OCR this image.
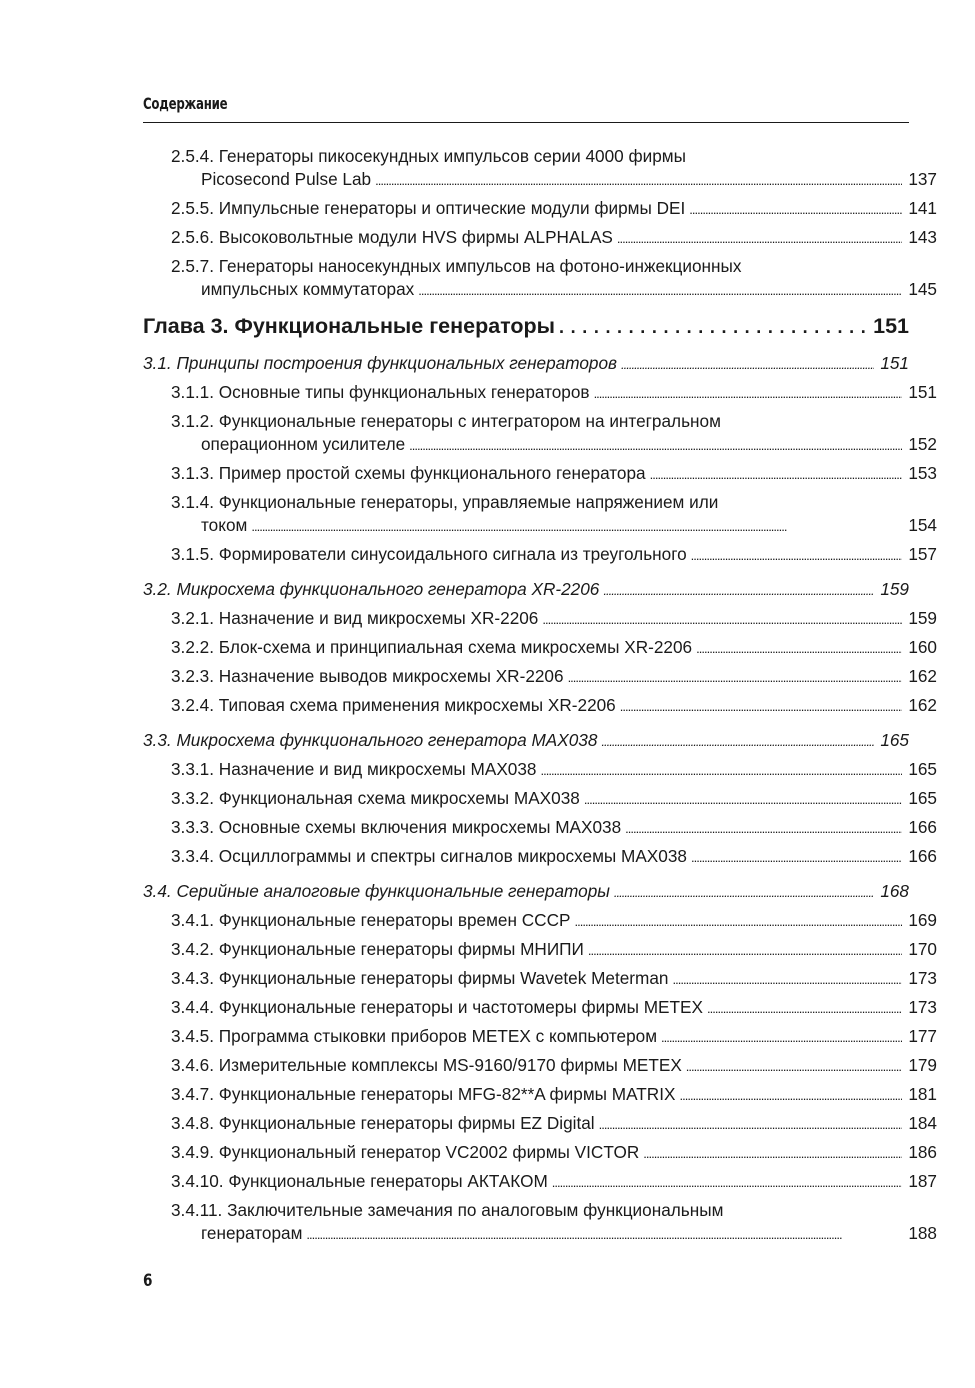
Содержание
2.5.4. Генераторы пикосекундных импульсов серии 4000 фирмы
Picosecond Pulse Lab . . .	137
2.5.5. Импульсные генераторы и оптические модули фирмы DEI . . .	141
2.5.6. Высоковольтные модули HVS фирмы ALPHALAS . . .	143
2.5.7. Генераторы наносекундных импульсов на фотоно-инжекционных
импульсных коммутаторах . . .	145
Глава 3. Функциональные генераторы . . .	151
3.1. Принципы построения функциональных генераторов . . .	151
3.1.1. Основные типы функциональных генераторов . . .	151
3.1.2. Функциональные генераторы с интегратором на интегральном
операционном усилителе . . .	152
3.1.3. Пример простой схемы функционального генератора . . .	153
3.1.4. Функциональные генераторы, управляемые напряжением или
током . . .	154
3.1.5. Формирователи синусоидального сигнала из треугольного . . .	157
3.2. Микросхема функционального генератора XR-2206 . . .	159
3.2.1. Назначение и вид микросхемы XR-2206 . . .	159
3.2.2. Блок-схема и принципиальная схема микросхемы XR-2206 . . .	160
3.2.3. Назначение выводов микросхемы XR-2206 . . .	162
3.2.4. Типовая схема применения микросхемы XR-2206 . . .	162
3.3. Микросхема функционального генератора MAX038 . . .	165
3.3.1. Назначение и вид микросхемы MAX038 . . .	165
3.3.2. Функциональная схема микросхемы MAX038 . . .	165
3.3.3. Основные схемы включения микросхемы MAX038 . . .	166
3.3.4. Осциллограммы и спектры сигналов микросхемы MAX038 . . .	166
3.4. Серийные аналоговые функциональные генераторы . . .	168
3.4.1. Функциональные генераторы времен СССР . . .	169
3.4.2. Функциональные генераторы фирмы МНИПИ . . .	170
3.4.3. Функциональные генераторы фирмы Wavetek Meterman . . .	173
3.4.4. Функциональные генераторы и частотомеры фирмы METEX . . .	173
3.4.5. Программа стыковки приборов METEX с компьютером . . .	177
3.4.6. Измерительные комплексы MS-9160/9170 фирмы METEX . . .	179
3.4.7. Функциональные генераторы MFG-82**A фирмы MATRIX . . .	181
3.4.8. Функциональные генераторы фирмы EZ Digital . . .	184
3.4.9. Функциональный генератор VC2002 фирмы VICTOR . . .	186
3.4.10. Функциональные генераторы АКТАКОМ . . .	187
3.4.11. Заключительные замечания по аналоговым функциональным
генераторам . . .	188
6
